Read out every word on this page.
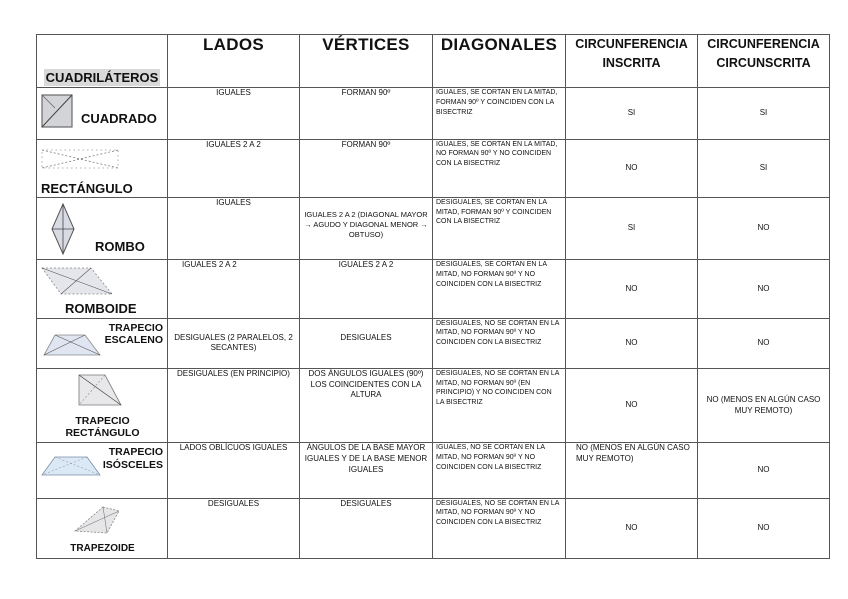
CUADRILÁTEROS	LADOS	VÉRTICES	DIAGONALES	CIRCUNFERENCIA INSCRITA	CIRCUNFERENCIA CIRCUNSCRITA

CUADRADO	IGUALES	FORMAN 90º	IGUALES, SE CORTAN EN LA MITAD, FORMAN 90º Y COINCIDEN CON LA BISECTRIZ	SI	SI

RECTÁNGULO	IGUALES 2 A 2	FORMAN 90º	IGUALES, SE CORTAN EN LA MITAD, NO FORMAN 90º Y NO COINCIDEN CON LA BISECTRIZ	NO	SI

ROMBO	IGUALES	IGUALES 2 A 2 (DIAGONAL MAYOR → AGUDO Y DIAGONAL MENOR → OBTUSO)	DESIGUALES, SE CORTAN EN LA MITAD, FORMAN 90º Y COINCIDEN CON LA BISECTRIZ	SI	NO

ROMBOIDE	IGUALES 2 A 2	IGUALES 2 A 2	DESIGUALES, SE CORTAN EN LA MITAD, NO FORMAN 90º Y NO COINCIDEN CON LA BISECTRIZ	NO	NO

TRAPECIO ESCALENO	DESIGUALES (2 PARALELOS, 2 SECANTES)	DESIGUALES	DESIGUALES, NO SE CORTAN EN LA MITAD, NO FORMAN 90º Y NO COINCIDEN CON LA BISECTRIZ	NO	NO

TRAPECIO RECTÁNGULO	DESIGUALES (EN PRINCIPIO)	DOS ÁNGULOS IGUALES (90º) LOS COINCIDENTES CON LA ALTURA	DESIGUALES, NO SE CORTAN EN LA MITAD, NO FORMAN 90º (EN PRINCIPIO) Y NO COINCIDEN CON LA BISECTRIZ	NO	NO (MENOS EN ALGÚN CASO MUY REMOTO)

TRAPECIO ISÓSCELES	LADOS OBLÍCUOS IGUALES	ÁNGULOS DE LA BASE MAYOR IGUALES Y DE LA BASE MENOR IGUALES	IGUALES, NO SE CORTAN EN LA MITAD, NO FORMAN 90º Y NO COINCIDEN CON LA BISECTRIZ	NO (MENOS EN ALGÚN CASO MUY REMOTO)	NO

TRAPEZOIDE	DESIGUALES	DESIGUALES	DESIGUALES, NO SE CORTAN EN LA MITAD, NO FORMAN 90º Y NO COINCIDEN CON LA BISECTRIZ	NO	NO
